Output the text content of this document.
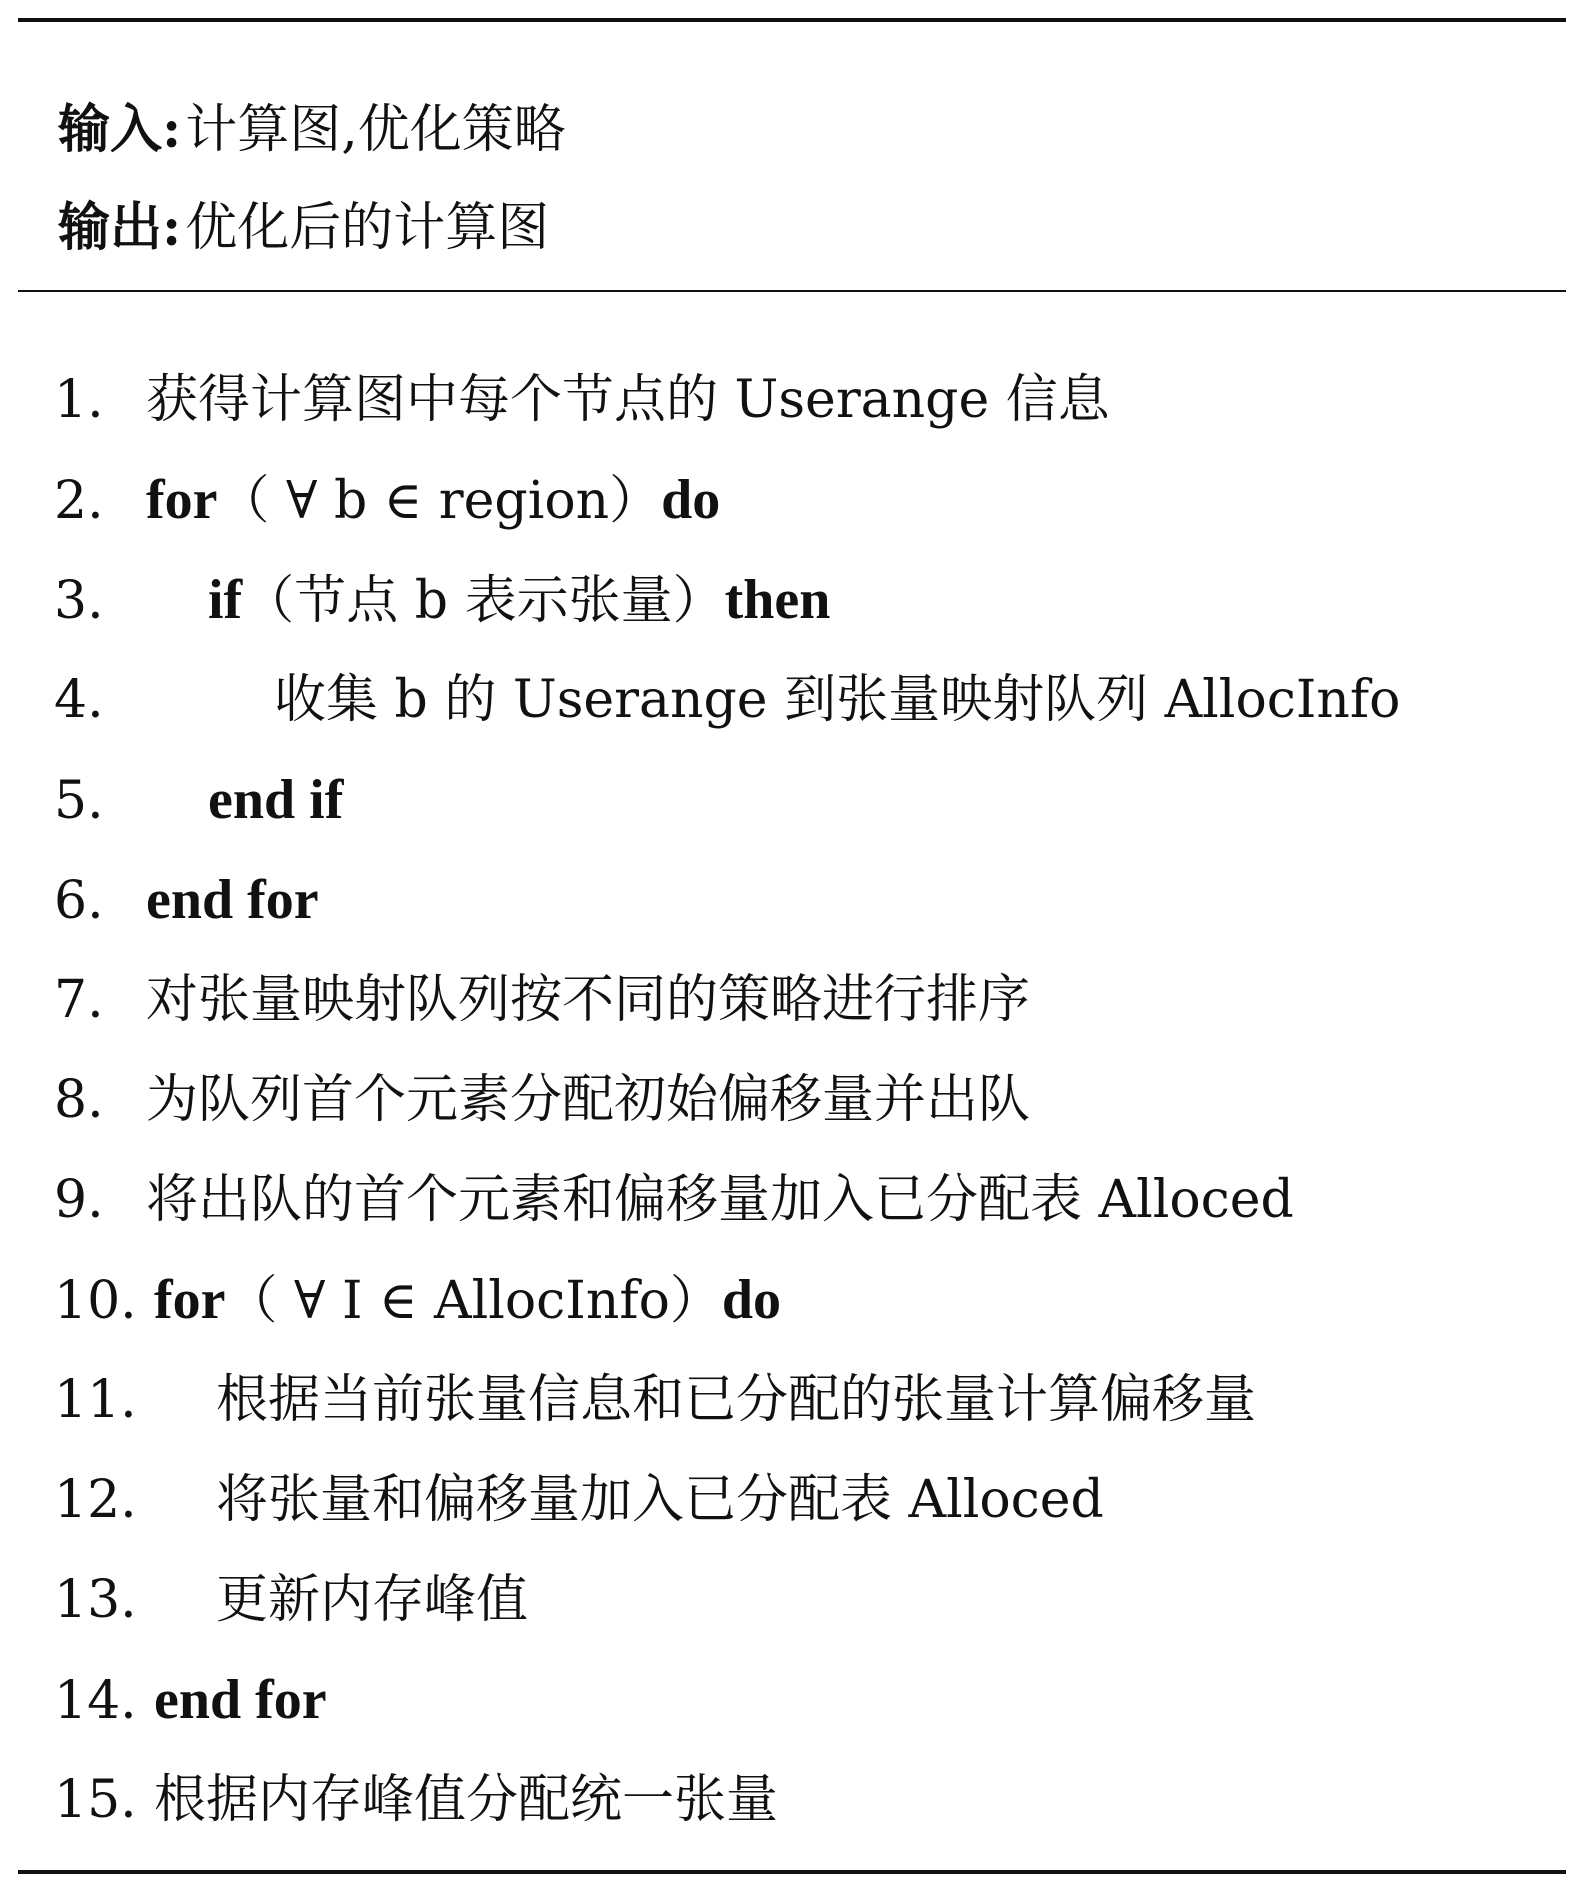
输入:计算图,优化策略
输出:优化后的计算图
1. 获得计算图中每个节点的 Userange 信息
2. for（ ∀ b ∈ region）do
3. if（节点 b 表示张量）then
4.	收集 b 的 Userange 到张量映射队列 AllocInfo
5. end if
6. end for
7. 对张量映射队列按不同的策略进行排序
8. 为队列首个元素分配初始偏移量并出队
9. 将出队的首个元素和偏移量加入已分配表 Alloced
10. for（ ∀ I ∈ AllocInfo）do
11. 根据当前张量信息和已分配的张量计算偏移量
12. 将张量和偏移量加入已分配表 Alloced
13. 更新内存峰值
14. end for
15. 根据内存峰值分配统一张量
